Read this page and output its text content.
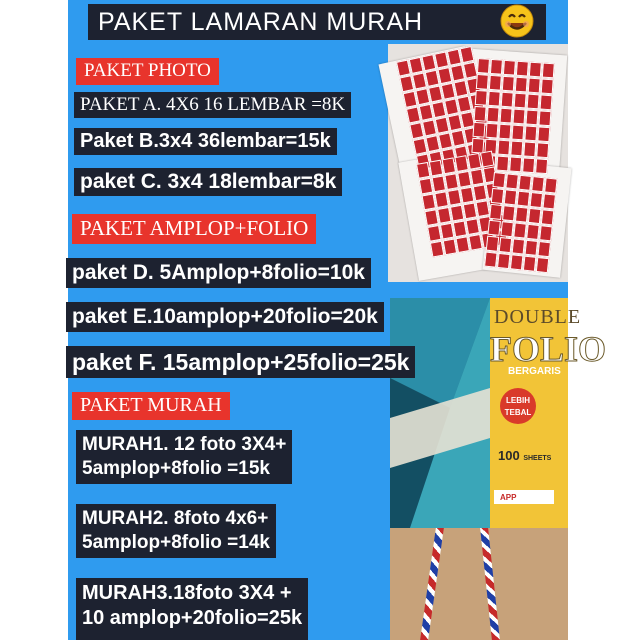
PAKET LAMARAN MURAH
DOUBLE
FOLIO
BERGARIS
LEBIH
TEBAL
100 SHEETS
APP
PAKET PHOTO
PAKET A. 4X6 16 LEMBAR =8K
Paket B.3x4 36lembar=15k
paket C. 3x4 18lembar=8k
PAKET AMPLOP+FOLIO
paket D. 5Amplop+8folio=10k
paket E.10amplop+20folio=20k
paket F. 15amplop+25folio=25k
PAKET MURAH
MURAH1. 12 foto 3X4+
5amplop+8folio =15k
MURAH2. 8foto 4x6+
5amplop+8folio =14k
MURAH3.18foto 3X4 +
10 amplop+20folio=25k
